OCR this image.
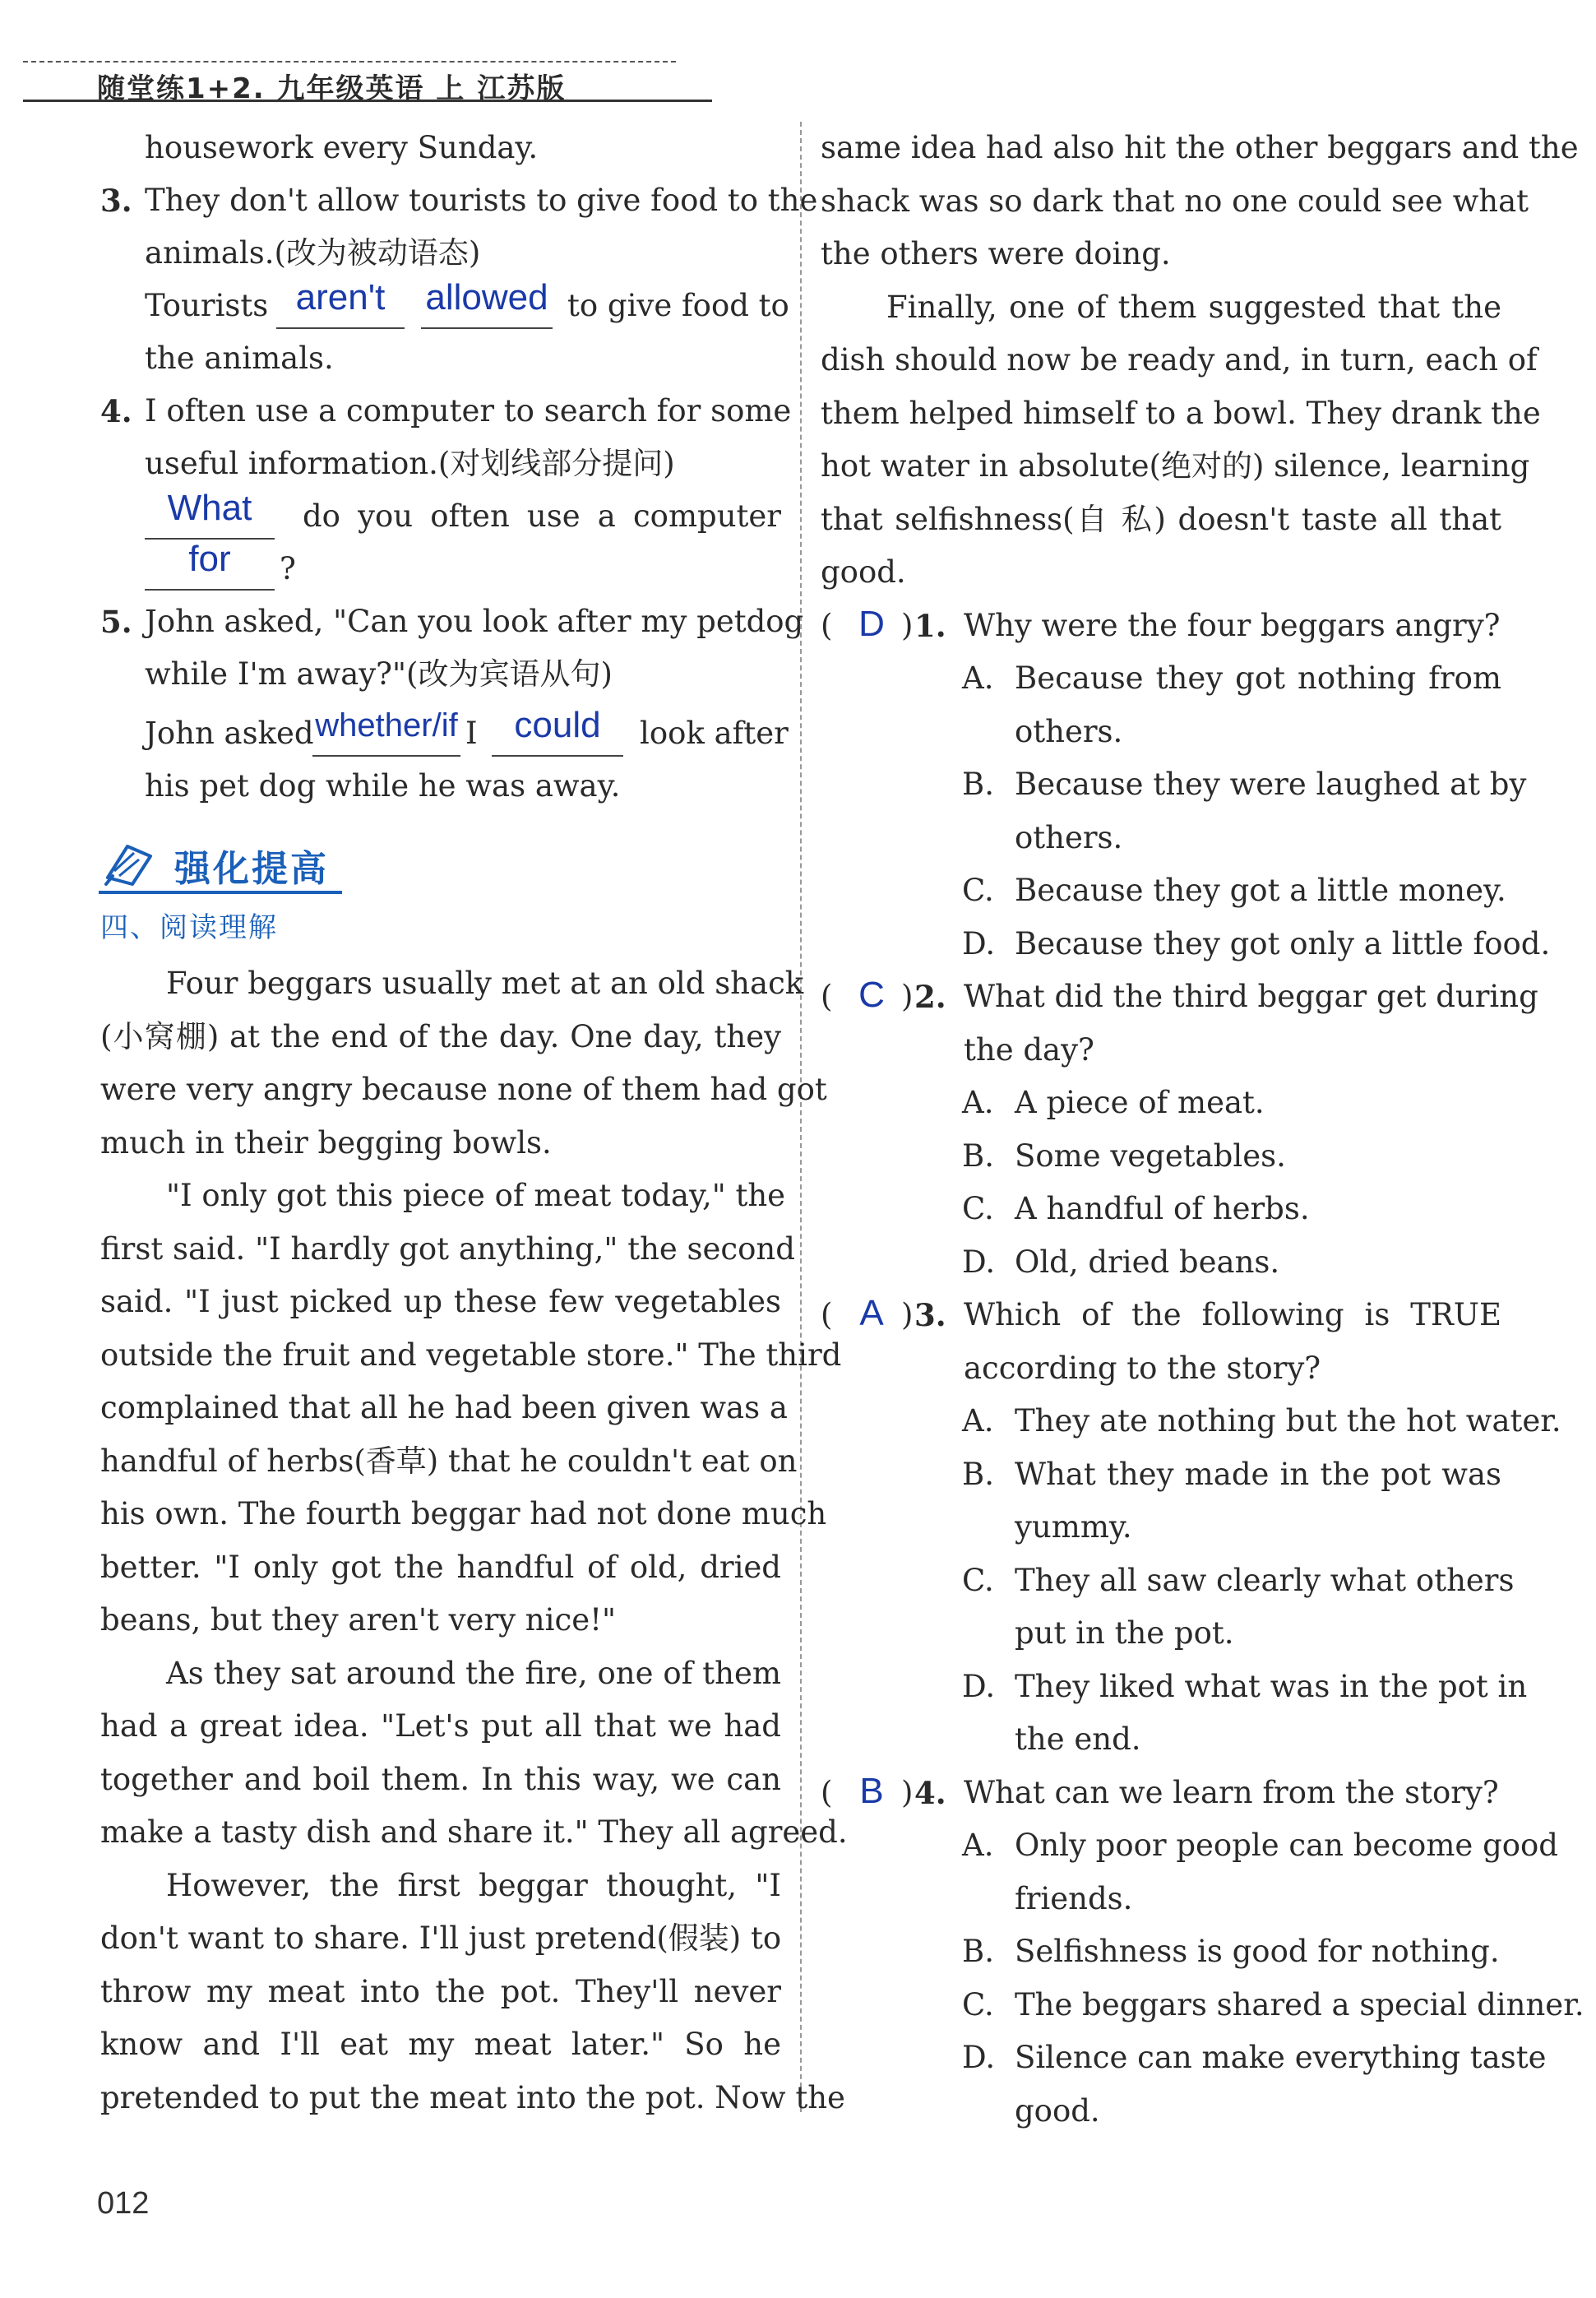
随堂练1+2. 九年级英语 上 江苏版
housework every Sunday.
3. They don't allow tourists to give food to the
animals.(改为被动语态)
Tourists aren't	allowed to give food to
the animals.
4. I often use a computer to search for some
useful information.(对划线部分提问)
What	do you often use a computer
for	?
5. John asked, "Can you look after my petdog
while I'm away?"(改为宾语从句)
John asked whether/if I	could	look after
his pet dog while he was away.
强化提高
四、阅读理解
Four beggars usually met at an old shack
(小窝棚) at the end of the day. One day, they
were very angry because none of them had got
much in their begging bowls.
"I only got this piece of meat today," the
first said. "I hardly got anything," the second
said. "I just picked up these few vegetables
outside the fruit and vegetable store." The third
complained that all he had been given was a
handful of herbs(香草) that he couldn't eat on
his own. The fourth beggar had not done much
better. "I only got the handful of old, dried
beans, but they aren't very nice!"
As they sat around the fire, one of them
had a great idea. "Let's put all that we had
together and boil them. In this way, we can
make a tasty dish and share it." They all agreed.
However, the first beggar thought, "I
don't want to share. I'll just pretend(假装) to
throw my meat into the pot. They'll never
know and I'll eat my meat later." So he
pretended to put the meat into the pot. Now the
same idea had also hit the other beggars and the
shack was so dark that no one could see what
the others were doing.
Finally, one of them suggested that the
dish should now be ready and, in turn, each of
them helped himself to a bowl. They drank the
hot water in absolute(绝对的) silence, learning
that selfishness(自 私) doesn't taste all that
good.
( D ) 1. Why were the four beggars angry?
A. Because they got nothing from
others.
B. Because they were laughed at by
others.
C. Because they got a little money.
D. Because they got only a little food.
( C ) 2. What did the third beggar get during
the day?
A. A piece of meat.
B. Some vegetables.
C. A handful of herbs.
D. Old, dried beans.
( A ) 3. Which of the following is TRUE
according to the story?
A. They ate nothing but the hot water.
B. What they made in the pot was
yummy.
C. They all saw clearly what others
put in the pot.
D. They liked what was in the pot in
the end.
( B ) 4. What can we learn from the story?
A. Only poor people can become good
friends.
B. Selfishness is good for nothing.
C. The beggars shared a special dinner.
D. Silence can make everything taste
good.
012
